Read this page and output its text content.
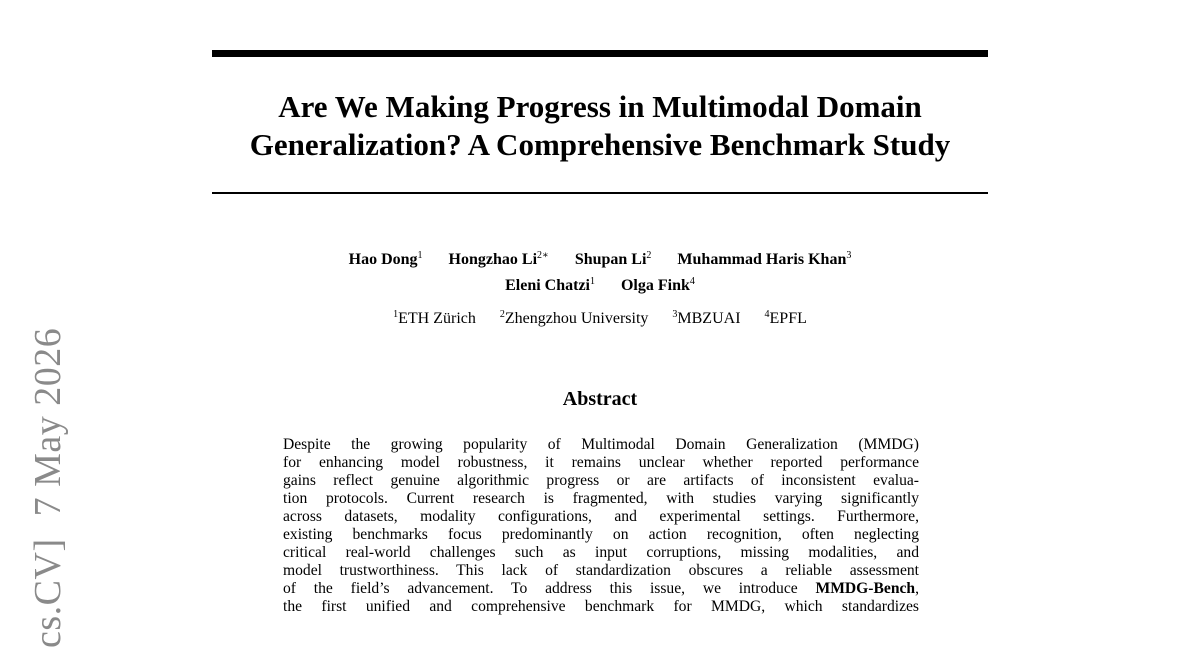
Are We Making Progress in Multimodal Domain
Generalization? A Comprehensive Benchmark Study
Hao Dong$^1$ Hongzhao $Li^{2∗}$ Shupan Li$^2$ Muhammad Haris Khan$^3$
Eleni Chatzi$^1$ Olga Fink$^4$
$^1$ETH Zürich $^2$Zhengzhou University $^3$MBZUAI $^4$EPFL
Abstract
Despite the growing popularity of Multimodal Domain Generalization (MMDG)
for enhancing model robustness, it remains unclear whether reported performance
gains reflect genuine algorithmic progress or are artifacts of inconsistent evalua-
tion protocols. Current research is fragmented, with studies varying significantly
across datasets, modality configurations, and experimental settings. Furthermore,
existing benchmarks focus predominantly on action recognition, often neglecting
critical real-world challenges such as input corruptions, missing modalities, and
model trustworthiness. This lack of standardization obscures a reliable assessment
of the field’s advancement. To address this issue, we introduce MMDG-Bench,
the first unified and comprehensive benchmark for MMDG, which standardizes
cs.CV]7 May 2026
